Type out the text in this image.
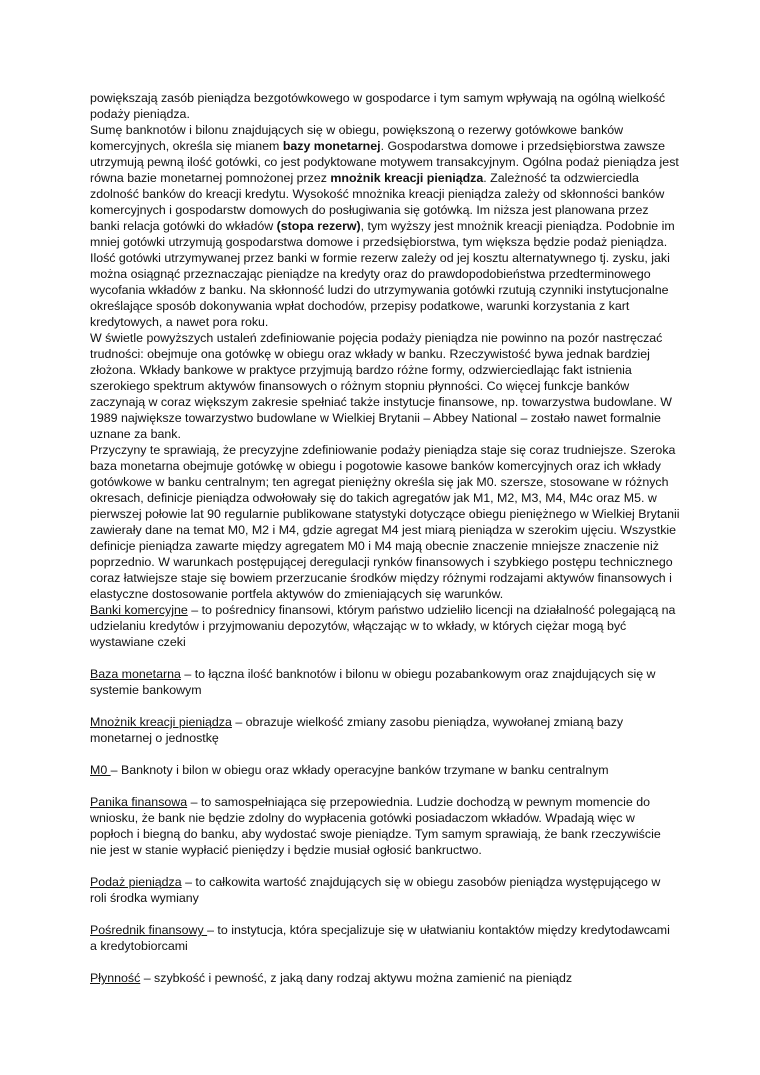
powiększają zasób pieniądza bezgotówkowego w gospodarce i tym samym wpływają na ogólną wielkość podaży pieniądza.

Sumę banknotów i bilonu znajdujących się w obiegu, powiększoną o rezerwy gotówkowe banków komercyjnych, określa się mianem bazy monetarnej. Gospodarstwa domowe i przedsiębiorstwa zawsze utrzymują pewną ilość gotówki, co jest podyktowane motywem transakcyjnym. Ogólna podaż pieniądza jest równa bazie monetarnej pomnożonej przez mnożnik kreacji pieniądza. Zależność ta odzwierciedla zdolność banków do kreacji kredytu. Wysokość mnożnika kreacji pieniądza zależy od skłonności banków komercyjnych i gospodarstw domowych do posługiwania się gotówką. Im niższa jest planowana przez banki relacja gotówki do wkładów (stopa rezerw), tym wyższy jest mnożnik kreacji pieniądza. Podobnie im mniej gotówki utrzymują gospodarstwa domowe i przedsiębiorstwa, tym większa będzie podaż pieniądza.

Ilość gotówki utrzymywanej przez banki w formie rezerw zależy od jej kosztu alternatywnego tj. zysku, jaki można osiągnąć przeznaczając pieniądze na kredyty oraz do prawdopodobieństwa przedterminowego wycofania wkładów z banku. Na skłonność ludzi do utrzymywania gotówki rzutują czynniki instytucjonalne określające sposób dokonywania wpłat dochodów, przepisy podatkowe, warunki korzystania z kart kredytowych, a nawet pora roku.

W świetle powyższych ustaleń zdefiniowanie pojęcia podaży pieniądza nie powinno na pozór nastręczać trudności: obejmuje ona gotówkę w obiegu oraz wkłady w banku. Rzeczywistość bywa jednak bardziej złożona. Wkłady bankowe w praktyce przyjmują bardzo różne formy, odzwierciedlając fakt istnienia szerokiego spektrum aktywów finansowych o różnym stopniu płynności. Co więcej funkcje banków zaczynają w coraz większym zakresie spełniać także instytucje finansowe, np. towarzystwa budowlane. W 1989 największe towarzystwo budowlane w Wielkiej Brytanii – Abbey National – zostało nawet formalnie uznane za bank.

Przyczyny te sprawiają, że precyzyjne zdefiniowanie podaży pieniądza staje się coraz trudniejsze. Szeroka baza monetarna obejmuje gotówkę w obiegu i pogotowie kasowe banków komercyjnych oraz ich wkłady gotówkowe w banku centralnym; ten agregat pieniężny określa się jak M0. szersze, stosowane w różnych okresach, definicje pieniądza odwołowały się do takich agregatów jak M1, M2, M3, M4, M4c oraz M5. w pierwszej połowie lat 90 regularnie publikowane statystyki dotyczące obiegu pieniężnego w Wielkiej Brytanii zawierały dane na temat M0, M2 i M4, gdzie agregat M4 jest miarą pieniądza w szerokim ujęciu. Wszystkie definicje pieniądza zawarte między agregatem M0 i M4 mają obecnie znaczenie mniejsze znaczenie niż poprzednio. W warunkach postępującej deregulacji rynków finansowych i szybkiego postępu technicznego coraz łatwiejsze staje się bowiem przerzucanie środków między różnymi rodzajami aktywów finansowych i elastyczne dostosowanie portfela aktywów do zmieniających się warunków.

Banki komercyjne – to pośrednicy finansowi, którym państwo udzieliło licencji na działalność polegającą na udzielaniu kredytów i przyjmowaniu depozytów, włączając w to wkłady, w których ciężar mogą być wystawiane czeki

Baza monetarna – to łączna ilość banknotów i bilonu w obiegu pozabankowym oraz znajdujących się w systemie bankowym

Mnożnik kreacji pieniądza – obrazuje wielkość zmiany zasobu pieniądza, wywołanej zmianą bazy monetarnej o jednostkę

M0 – Banknoty i bilon w obiegu oraz wkłady operacyjne banków trzymane w banku centralnym

Panika finansowa – to samospełniająca się przepowiednia. Ludzie dochodzą w pewnym momencie do wniosku, że bank nie będzie zdolny do wypłacenia gotówki posiadaczom wkładów. Wpadają więc w popłoch i biegną do banku, aby wydostać swoje pieniądze. Tym samym sprawiają, że bank rzeczywiście nie jest w stanie wypłacić pieniędzy i będzie musiał ogłosić bankructwo.

Podaż pieniądza – to całkowita wartość znajdujących się w obiegu zasobów pieniądza występującego w roli środka wymiany

Pośrednik finansowy – to instytucja, która specjalizuje się w ułatwianiu kontaktów między kredytodawcami a kredytobiorcami

Płynność – szybkość i pewność, z jaką dany rodzaj aktywu można zamienić na pieniądz
